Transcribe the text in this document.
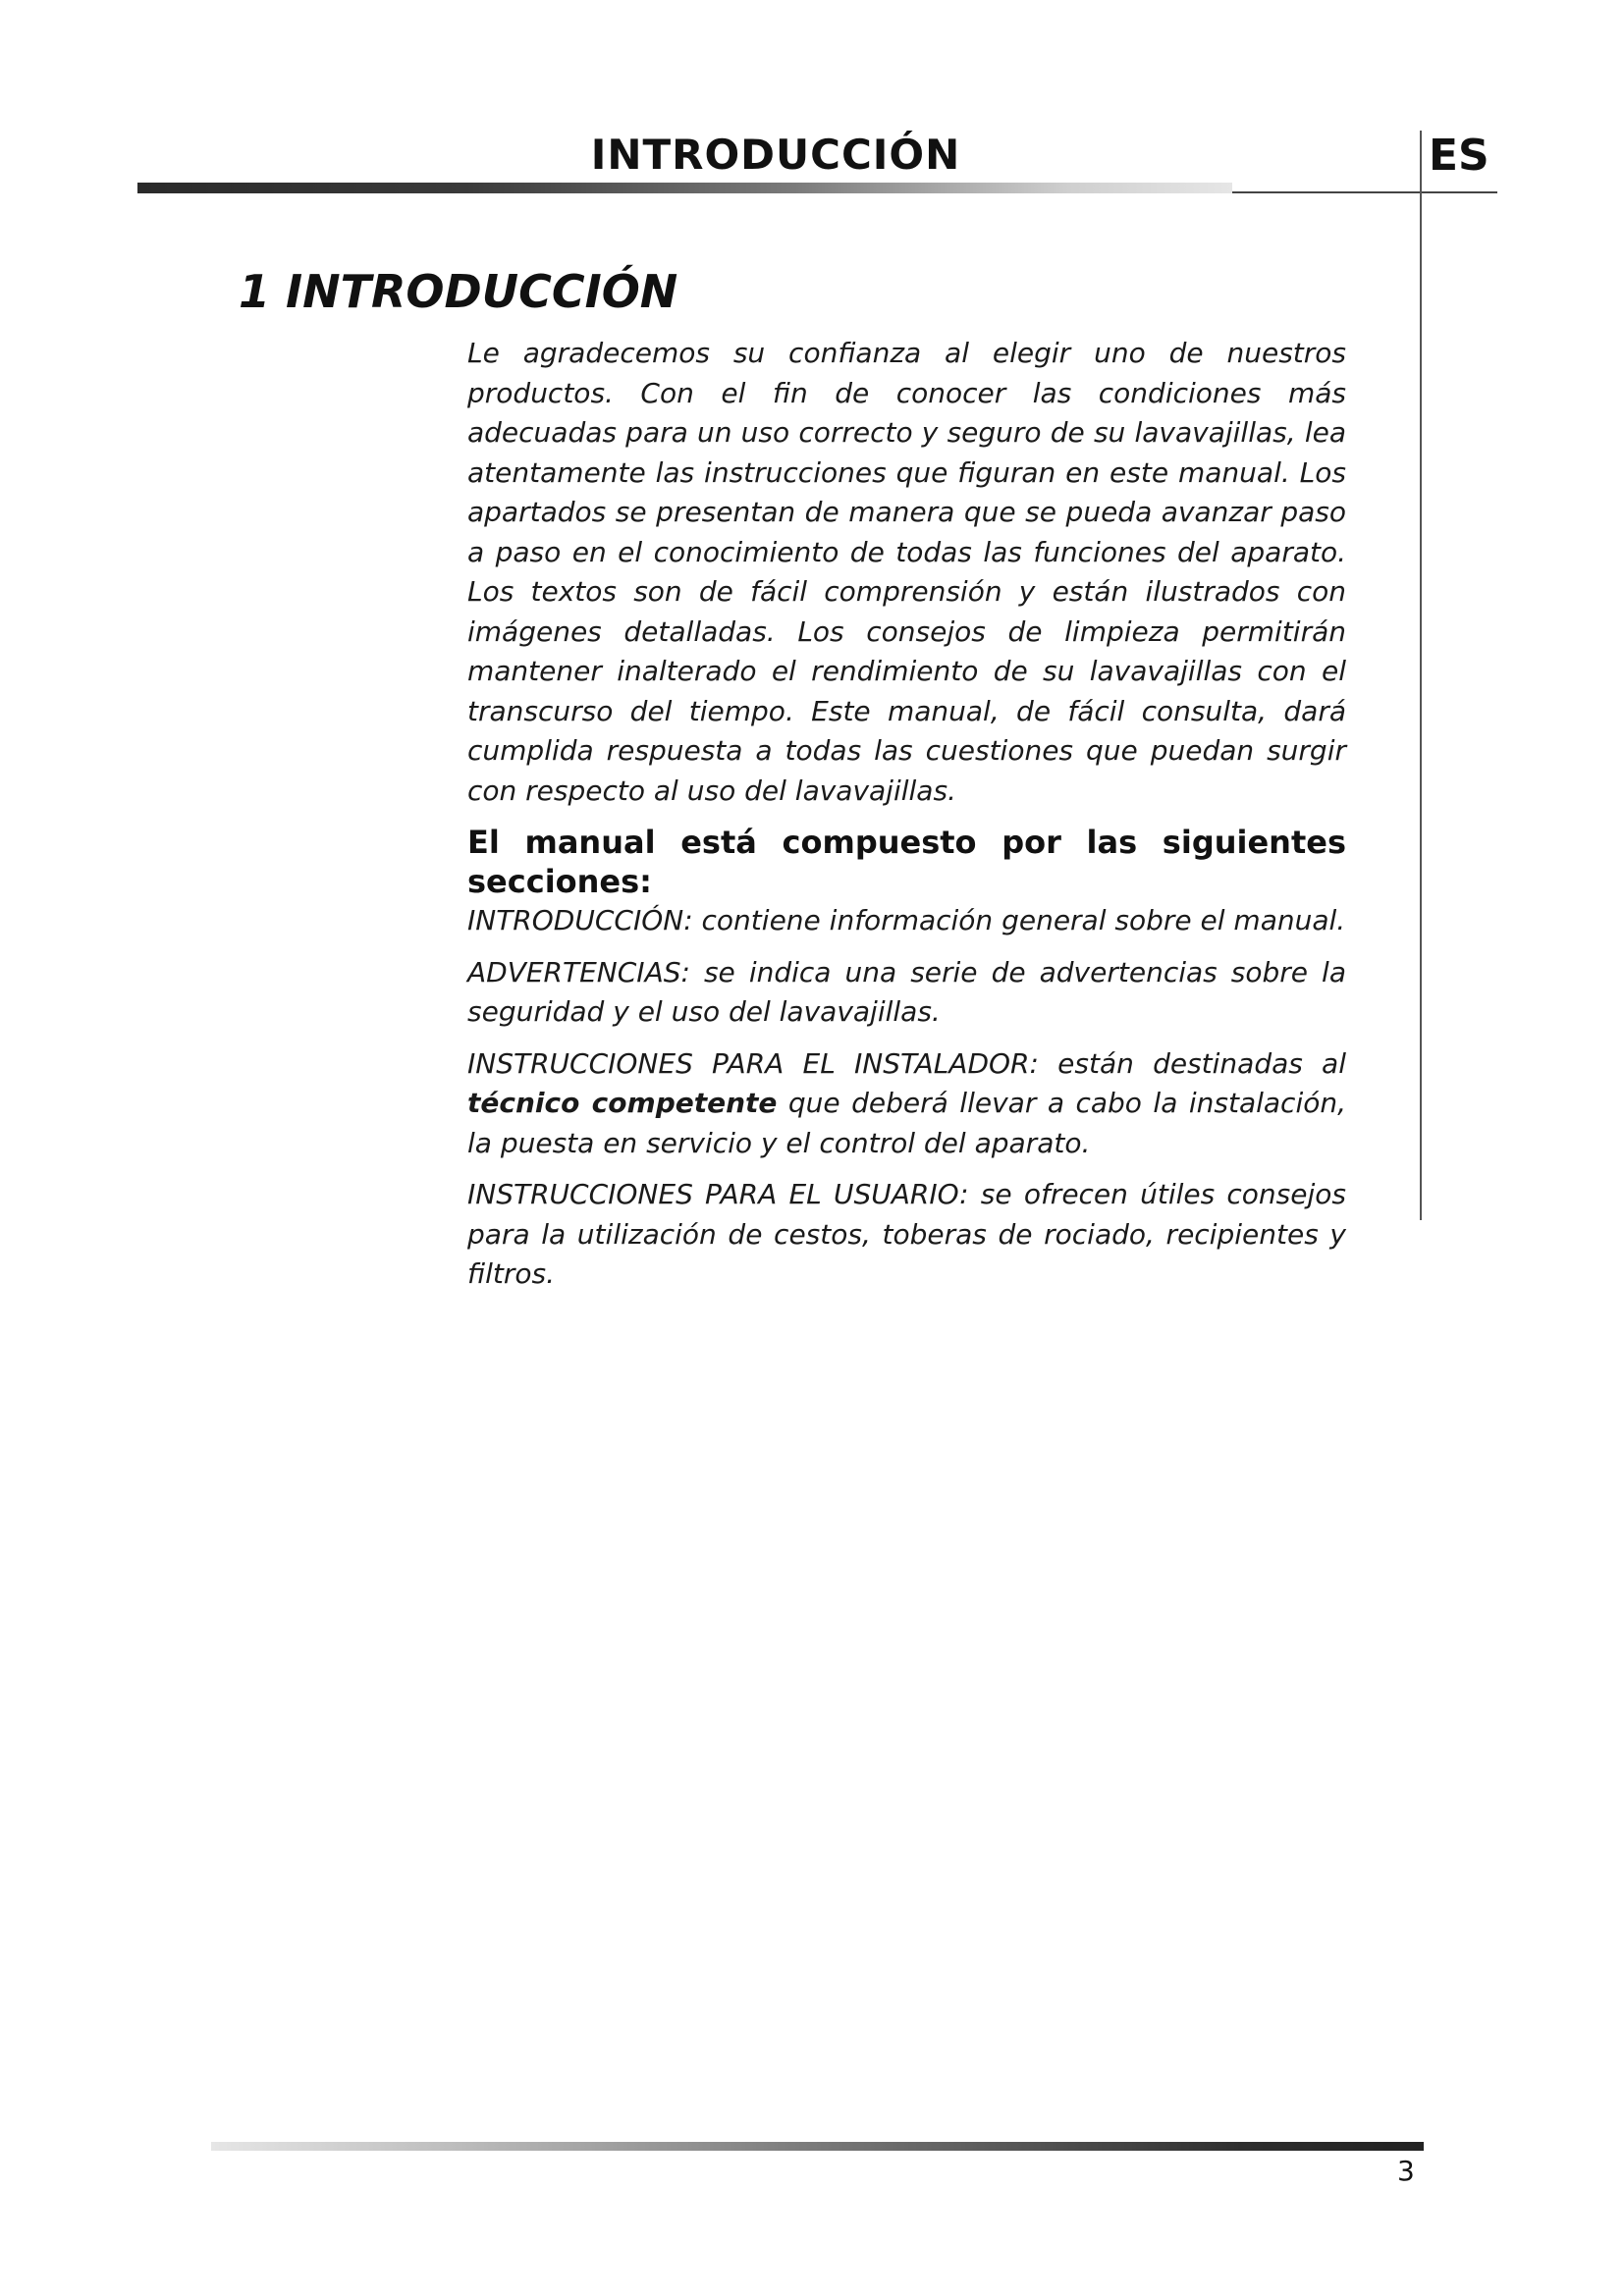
INTRODUCCIÓN	ES
1 INTRODUCCIÓN

Le agradecemos su confianza al elegir uno de nuestros productos. Con el fin de conocer las condiciones más adecuadas para un uso correcto y seguro de su lavavajillas, lea atentamente las instrucciones que figuran en este manual. Los apartados se presentan de manera que se pueda avanzar paso a paso en el conocimiento de todas las funciones del aparato. Los textos son de fácil comprensión y están ilustrados con imágenes detalladas. Los consejos de limpieza permitirán mantener inalterado el rendimiento de su lavavajillas con el transcurso del tiempo. Este manual, de fácil consulta, dará cumplida respuesta a todas las cuestiones que puedan surgir con respecto al uso del lavavajillas.

El manual está compuesto por las siguientes secciones:

INTRODUCCIÓN: contiene información general sobre el manual.

ADVERTENCIAS: se indica una serie de advertencias sobre la seguridad y el uso del lavavajillas.

INSTRUCCIONES PARA EL INSTALADOR: están destinadas al técnico competente que deberá llevar a cabo la instalación, la puesta en servicio y el control del aparato.

INSTRUCCIONES PARA EL USUARIO: se ofrecen útiles consejos para la utilización de cestos, toberas de rociado, recipientes y filtros.

3
